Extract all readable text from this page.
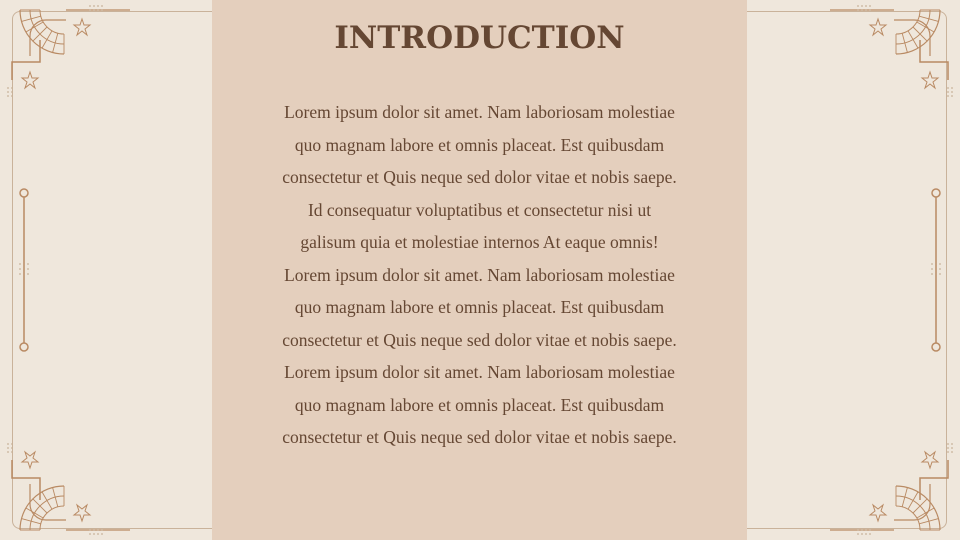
INTRODUCTION

Lorem ipsum dolor sit amet. Nam laboriosam molestiae
quo magnam labore et omnis placeat. Est quibusdam
consectetur et Quis neque sed dolor vitae et nobis saepe.
Id consequatur voluptatibus et consectetur nisi ut
galisum quia et molestiae internos At eaque omnis!
Lorem ipsum dolor sit amet. Nam laboriosam molestiae
quo magnam labore et omnis placeat. Est quibusdam
consectetur et Quis neque sed dolor vitae et nobis saepe.
Lorem ipsum dolor sit amet. Nam laboriosam molestiae
quo magnam labore et omnis placeat. Est quibusdam
consectetur et Quis neque sed dolor vitae et nobis saepe.
